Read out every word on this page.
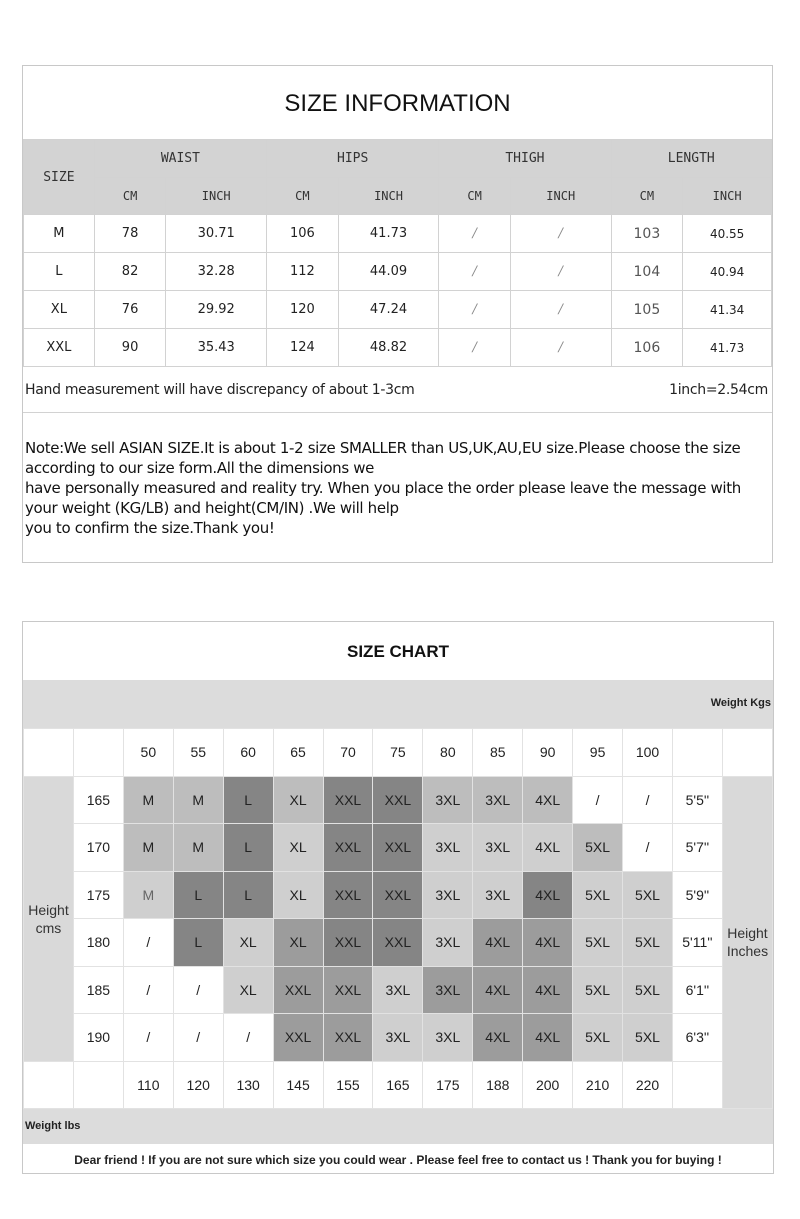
SIZE INFORMATION
SIZE	WAIST		HIPS		THIGH		LENGTH	
	CM	INCH	CM	INCH	CM	INCH	CM	INCH
M	78	30.71	106	41.73	/	/	103	40.55
L	82	32.28	112	44.09	/	/	104	40.94
XL	76	29.92	120	47.24	/	/	105	41.34
XXL	90	35.43	124	48.82	/	/	106	41.73
Hand measurement will have discrepancy of about 1-3cm	1inch=2.54cm

Note:We sell ASIAN SIZE.It is about 1-2 size SMALLER than US,UK,AU,EU size.Please choose the size according to our size form.All the dimensions we

have personally measured and reality try. When you place the order please leave the message with your weight (KG/LB) and height(CM/IN) .We will help

you to confirm the size.Thank you!

SIZE CHART
Weight Kgs
		50	55	60	65	70	75	80	85	90	95	100		
Height cms	165	M	M	L	XL	XXL	XXL	3XL	3XL	4XL	/	/	5'5''	Height Inches
	170	M	M	L	XL	XXL	XXL	3XL	3XL	4XL	5XL	/	5'7''	
	175	M	L	L	XL	XXL	XXL	3XL	3XL	4XL	5XL	5XL	5'9''	
	180	/	L	XL	XL	XXL	XXL	3XL	4XL	4XL	5XL	5XL	5'11''	
	185	/	/	XL	XXL	XXL	3XL	3XL	4XL	4XL	5XL	5XL	6'1''	
	190	/	/	/	XXL	XXL	3XL	3XL	4XL	4XL	5XL	5XL	6'3''	
		110	120	130	145	155	165	175	188	200	210	220		
Weight lbs
Dear friend ! If you are not sure which size you could wear . Please feel free to contact us ! Thank you for buying !
